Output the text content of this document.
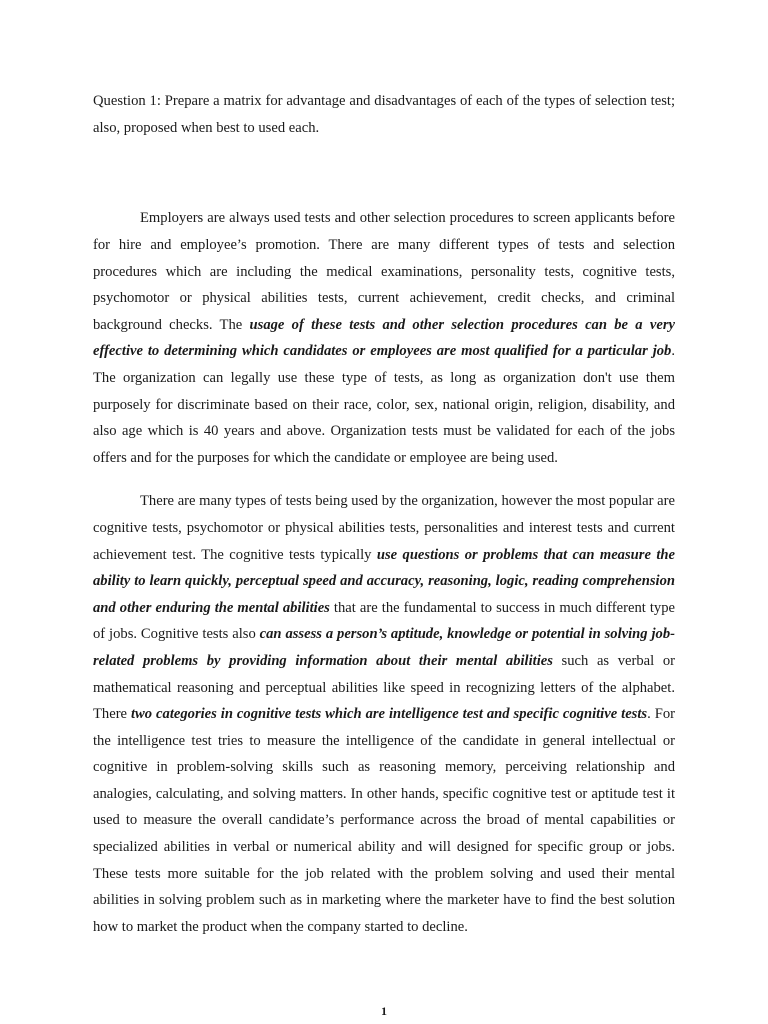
Question 1: Prepare a matrix for advantage and disadvantages of each of the types of selection test; also, proposed when best to used each.

Employers are always used tests and other selection procedures to screen applicants before for hire and employee’s promotion. There are many different types of tests and selection procedures which are including the medical examinations, personality tests, cognitive tests, psychomotor or physical abilities tests, current achievement, credit checks, and criminal background checks. The usage of these tests and other selection procedures can be a very effective to determining which candidates or employees are most qualified for a particular job. The organization can legally use these type of tests, as long as organization don't use them purposely for discriminate based on their race, color, sex, national origin, religion, disability, and also age which is 40 years and above. Organization tests must be validated for each of the jobs offers and for the purposes for which the candidate or employee are being used.

There are many types of tests being used by the organization, however the most popular are cognitive tests, psychomotor or physical abilities tests, personalities and interest tests and current achievement test. The cognitive tests typically use questions or problems that can measure the ability to learn quickly, perceptual speed and accuracy, reasoning, logic, reading comprehension and other enduring the mental abilities that are the fundamental to success in much different type of jobs. Cognitive tests also can assess a person’s aptitude, knowledge or potential in solving job-related problems by providing information about their mental abilities such as verbal or mathematical reasoning and perceptual abilities like speed in recognizing letters of the alphabet. There two categories in cognitive tests which are intelligence test and specific cognitive tests. For the intelligence test tries to measure the intelligence of the candidate in general intellectual or cognitive in problem-solving skills such as reasoning memory, perceiving relationship and analogies, calculating, and solving matters. In other hands, specific cognitive test or aptitude test it used to measure the overall candidate’s performance across the broad of mental capabilities or specialized abilities in verbal or numerical ability and will designed for specific group or jobs. These tests more suitable for the job related with the problem solving and used their mental abilities in solving problem such as in marketing where the marketer have to find the best solution how to market the product when the company started to decline.

1
